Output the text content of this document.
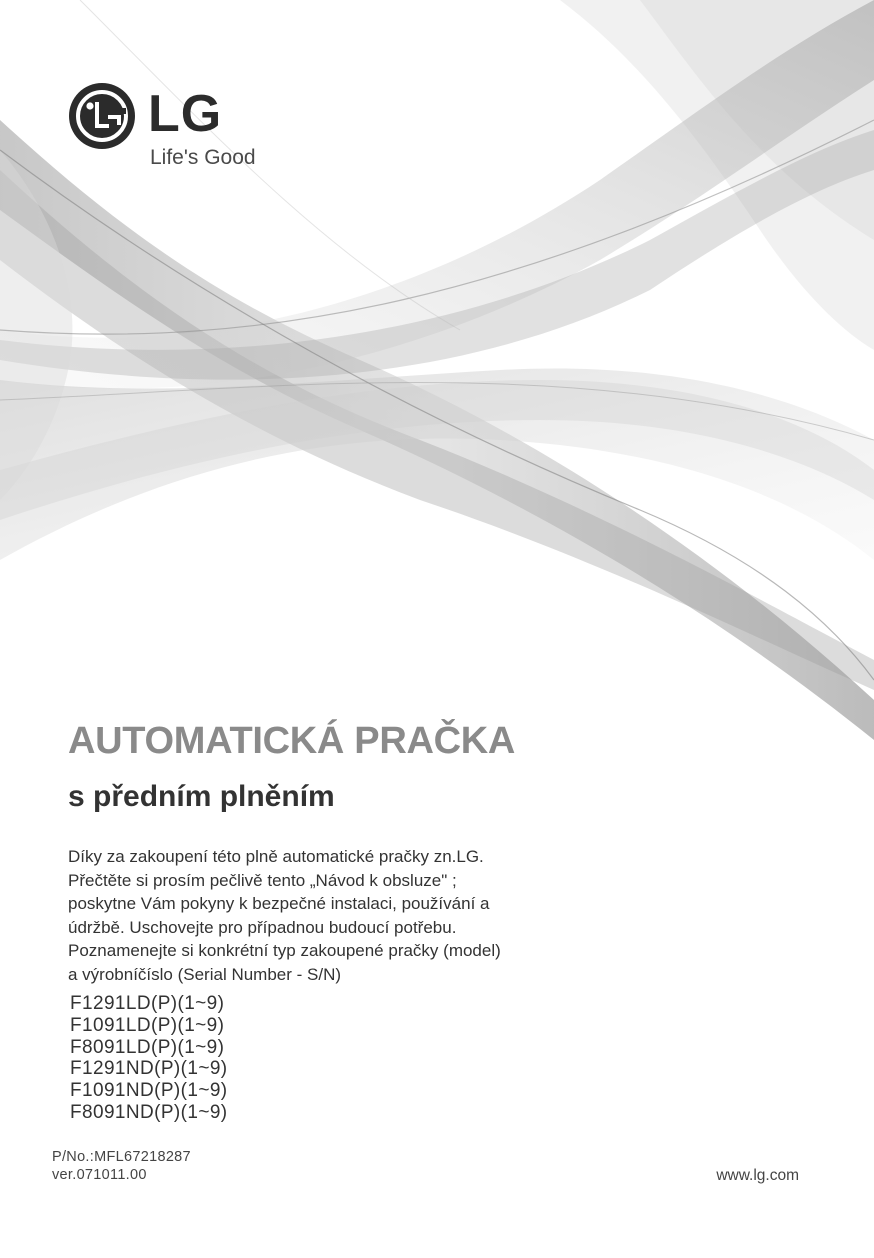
LG
Life's Good
AUTOMATICKÁ PRAČKA
s předním plněním
Díky za zakoupení této plně automatické pračky zn.LG.
Přečtěte si prosím pečlivě tento „Návod k obsluze" ;
poskytne Vám pokyny k bezpečné instalaci, používání a
údržbě. Uschovejte pro případnou budoucí potřebu.
Poznamenejte si konkrétní typ zakoupené pračky (model)
a výrobníčíslo (Serial Number - S/N)
F1291LD(P)(1~9)
F1091LD(P)(1~9)
F8091LD(P)(1~9)
F1291ND(P)(1~9)
F1091ND(P)(1~9)
F8091ND(P)(1~9)
P/No.:MFL67218287
ver.071011.00	www.lg.com
